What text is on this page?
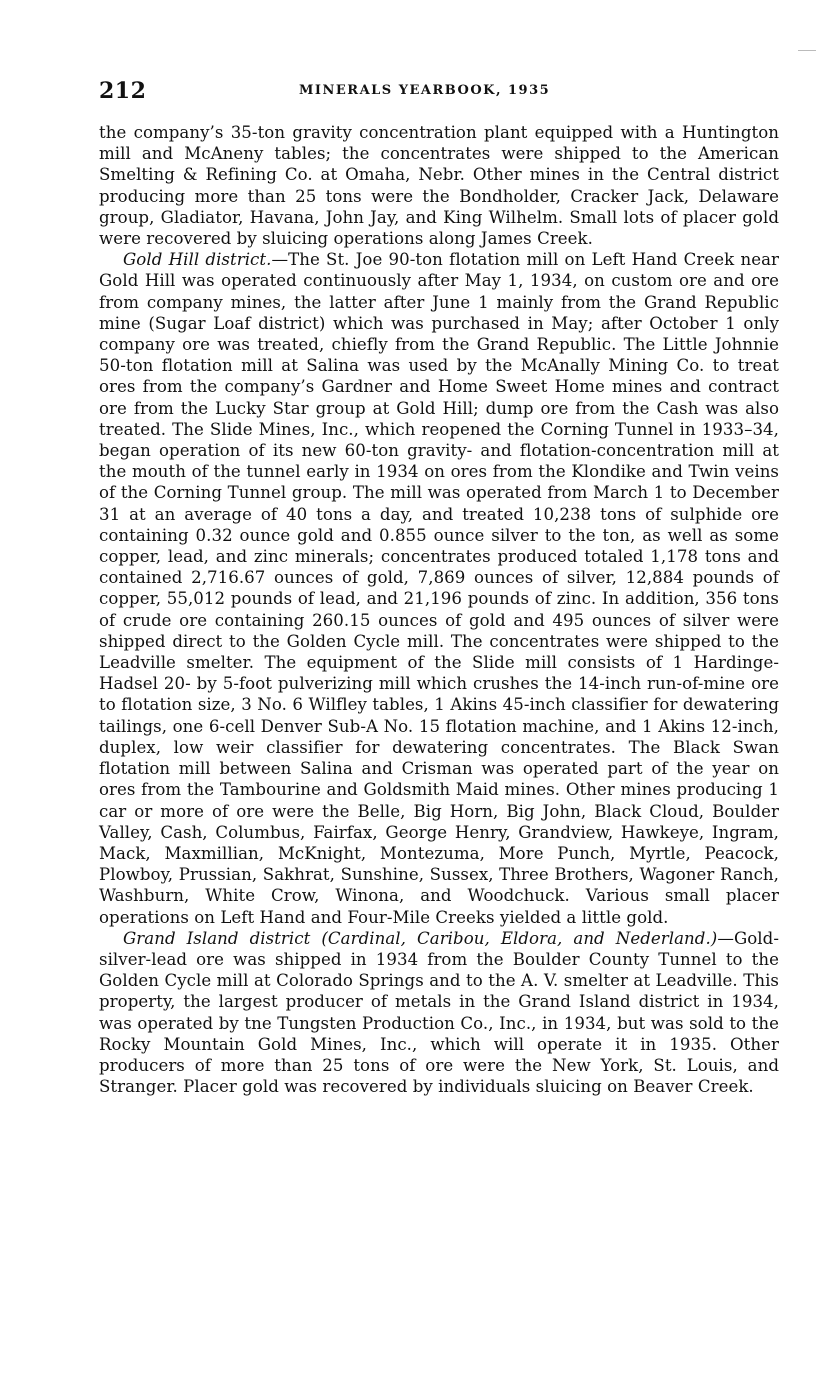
212	MINERALS YEARBOOK, 1935

the company’s 35-ton gravity concentration plant equipped with a Huntington mill and McAneny tables; the concentrates were shipped to the American Smelting & Refining Co. at Omaha, Nebr. Other mines in the Central district producing more than 25 tons were the Bondholder, Cracker Jack, Delaware group, Gladiator, Havana, John Jay, and King Wilhelm. Small lots of placer gold were recovered by sluicing operations along James Creek.

Gold Hill district.—The St. Joe 90-ton flotation mill on Left Hand Creek near Gold Hill was operated continuously after May 1, 1934, on custom ore and ore from company mines, the latter after June 1 mainly from the Grand Republic mine (Sugar Loaf district) which was purchased in May; after October 1 only company ore was treated, chiefly from the Grand Republic. The Little Johnnie 50-ton flotation mill at Salina was used by the McAnally Mining Co. to treat ores from the company’s Gardner and Home Sweet Home mines and contract ore from the Lucky Star group at Gold Hill; dump ore from the Cash was also treated. The Slide Mines, Inc., which reopened the Corning Tunnel in 1933–34, began operation of its new 60-ton gravity- and flotation-concentration mill at the mouth of the tunnel early in 1934 on ores from the Klondike and Twin veins of the Corning Tunnel group. The mill was operated from March 1 to December 31 at an average of 40 tons a day, and treated 10,238 tons of sulphide ore containing 0.32 ounce gold and 0.855 ounce silver to the ton, as well as some copper, lead, and zinc minerals; concentrates produced totaled 1,178 tons and contained 2,716.67 ounces of gold, 7,869 ounces of silver, 12,884 pounds of copper, 55,012 pounds of lead, and 21,196 pounds of zinc. In addition, 356 tons of crude ore containing 260.15 ounces of gold and 495 ounces of silver were shipped direct to the Golden Cycle mill. The concentrates were shipped to the Leadville smelter. The equipment of the Slide mill consists of 1 Hardinge-Hadsel 20- by 5-foot pulverizing mill which crushes the 14-inch run-of-mine ore to flotation size, 3 No. 6 Wilfley tables, 1 Akins 45-inch classifier for dewatering tailings, one 6-cell Denver Sub-A No. 15 flotation machine, and 1 Akins 12-inch, duplex, low weir classifier for dewatering concentrates. The Black Swan flotation mill between Salina and Crisman was operated part of the year on ores from the Tambourine and Goldsmith Maid mines. Other mines producing 1 car or more of ore were the Belle, Big Horn, Big John, Black Cloud, Boulder Valley, Cash, Columbus, Fairfax, George Henry, Grandview, Hawkeye, Ingram, Mack, Maxmillian, McKnight, Montezuma, More Punch, Myrtle, Peacock, Plowboy, Prussian, Sakhrat, Sunshine, Sussex, Three Brothers, Wagoner Ranch, Washburn, White Crow, Winona, and Woodchuck. Various small placer operations on Left Hand and Four-Mile Creeks yielded a little gold.

Grand Island district (Cardinal, Caribou, Eldora, and Nederland.)—Gold-silver-lead ore was shipped in 1934 from the Boulder County Tunnel to the Golden Cycle mill at Colorado Springs and to the A. V. smelter at Leadville. This property, the largest producer of metals in the Grand Island district in 1934, was operated by tne Tungsten Production Co., Inc., in 1934, but was sold to the Rocky Mountain Gold Mines, Inc., which will operate it in 1935. Other producers of more than 25 tons of ore were the New York, St. Louis, and Stranger. Placer gold was recovered by individuals sluicing on Beaver Creek.
